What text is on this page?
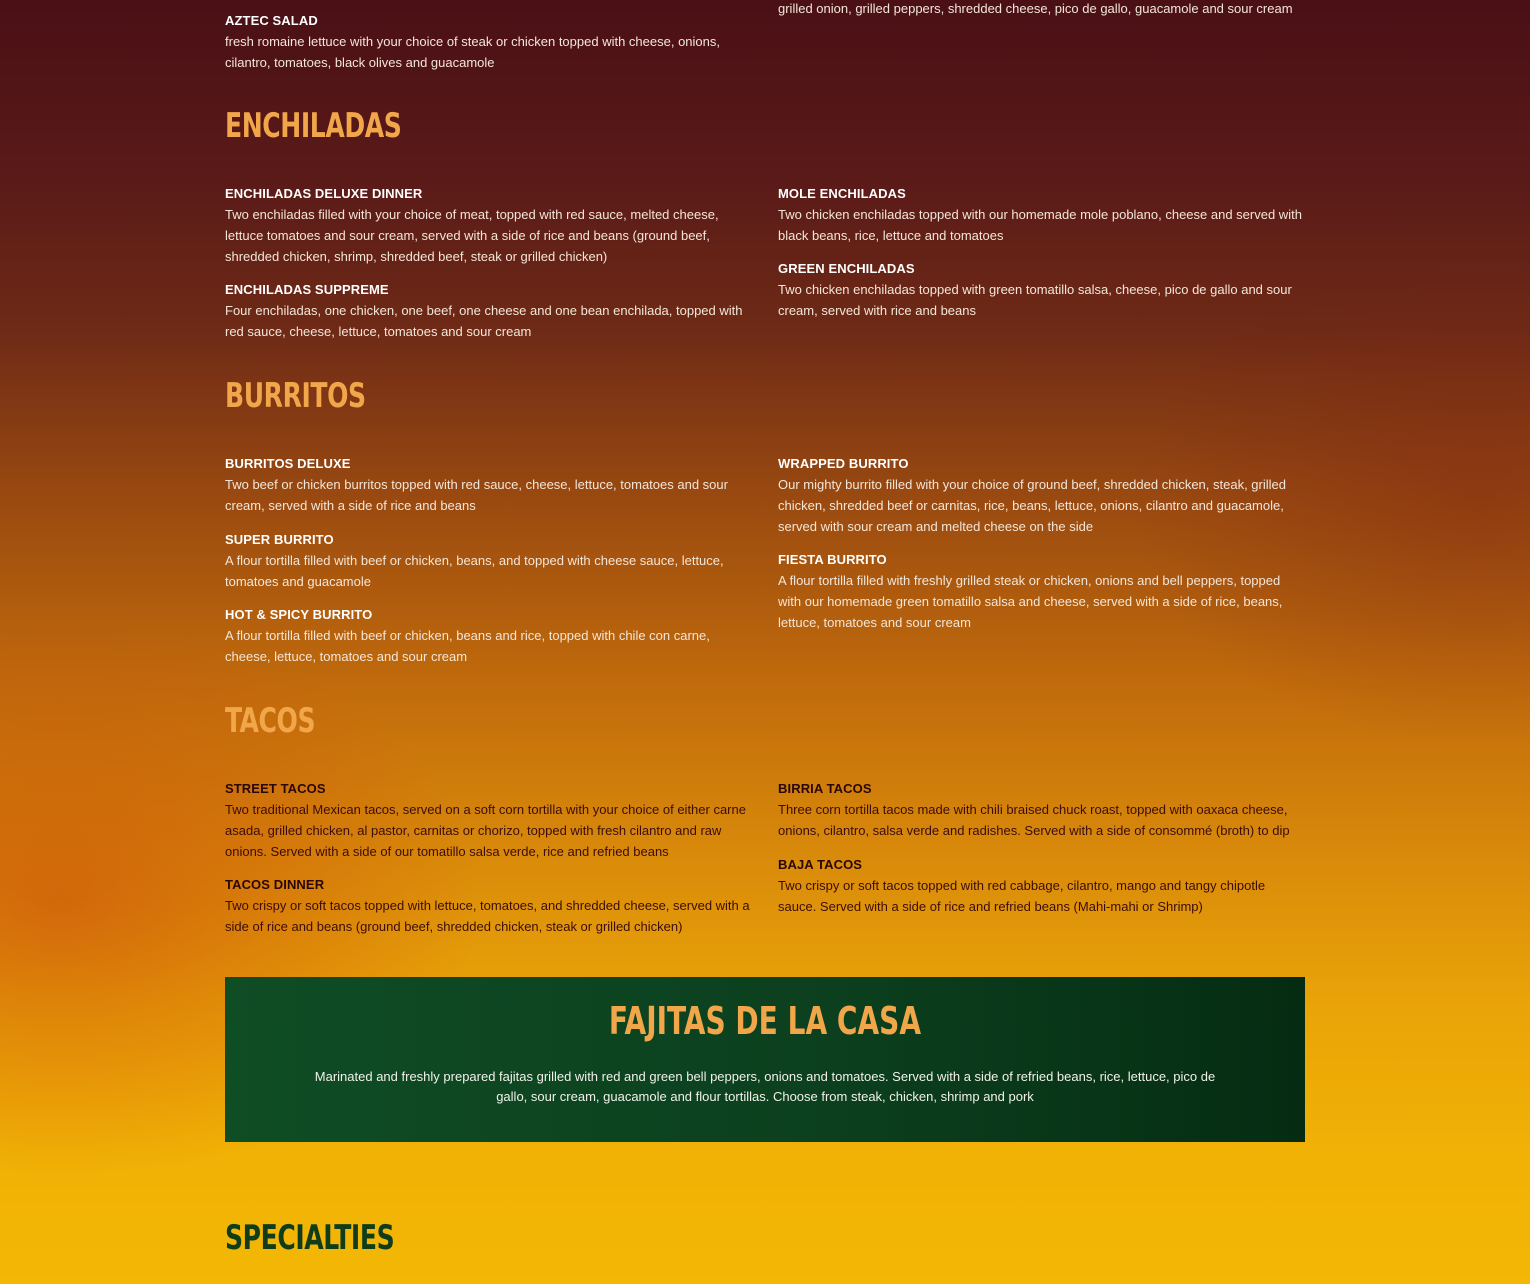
AZTEC SALAD
fresh romaine lettuce with your choice of steak or chicken topped with cheese, onions, cilantro, tomatoes, black olives and guacamole
grilled onion, grilled peppers, shredded cheese, pico de gallo, guacamole and sour cream
ENCHILADAS
ENCHILADAS DELUXE DINNER
Two enchiladas filled with your choice of meat, topped with red sauce, melted cheese, lettuce tomatoes and sour cream, served with a side of rice and beans (ground beef, shredded chicken, shrimp, shredded beef, steak or grilled chicken)
ENCHILADAS SUPPREME
Four enchiladas, one chicken, one beef, one cheese and one bean enchilada, topped with red sauce, cheese, lettuce, tomatoes and sour cream
MOLE ENCHILADAS
Two chicken enchiladas topped with our homemade mole poblano, cheese and served with black beans, rice, lettuce and tomatoes
GREEN ENCHILADAS
Two chicken enchiladas topped with green tomatillo salsa, cheese, pico de gallo and sour cream, served with rice and beans
BURRITOS
BURRITOS DELUXE
Two beef or chicken burritos topped with red sauce, cheese, lettuce, tomatoes and sour cream, served with a side of rice and beans
SUPER BURRITO
A flour tortilla filled with beef or chicken, beans, and topped with cheese sauce, lettuce, tomatoes and guacamole
HOT & SPICY BURRITO
A flour tortilla filled with beef or chicken, beans and rice, topped with chile con carne, cheese, lettuce, tomatoes and sour cream
WRAPPED BURRITO
Our mighty burrito filled with your choice of ground beef, shredded chicken, steak, grilled chicken, shredded beef or carnitas, rice, beans, lettuce, onions, cilantro and guacamole, served with sour cream and melted cheese on the side
FIESTA BURRITO
A flour tortilla filled with freshly grilled steak or chicken, onions and bell peppers, topped with our homemade green tomatillo salsa and cheese, served with a side of rice, beans, lettuce, tomatoes and sour cream
TACOS
STREET TACOS
Two traditional Mexican tacos, served on a soft corn tortilla with your choice of either carne asada, grilled chicken, al pastor, carnitas or chorizo, topped with fresh cilantro and raw onions. Served with a side of our tomatillo salsa verde, rice and refried beans
TACOS DINNER
Two crispy or soft tacos topped with lettuce, tomatoes, and shredded cheese, served with a side of rice and beans (ground beef, shredded chicken, steak or grilled chicken)
BIRRIA TACOS
Three corn tortilla tacos made with chili braised chuck roast, topped with oaxaca cheese, onions, cilantro, salsa verde and radishes. Served with a side of consommé (broth) to dip
BAJA TACOS
Two crispy or soft tacos topped with red cabbage, cilantro, mango and tangy chipotle sauce. Served with a side of rice and refried beans (Mahi-mahi or Shrimp)
FAJITAS DE LA CASA
Marinated and freshly prepared fajitas grilled with red and green bell peppers, onions and tomatoes. Served with a side of refried beans, rice, lettuce, pico de gallo, sour cream, guacamole and flour tortillas. Choose from steak, chicken, shrimp and pork
SPECIALTIES
